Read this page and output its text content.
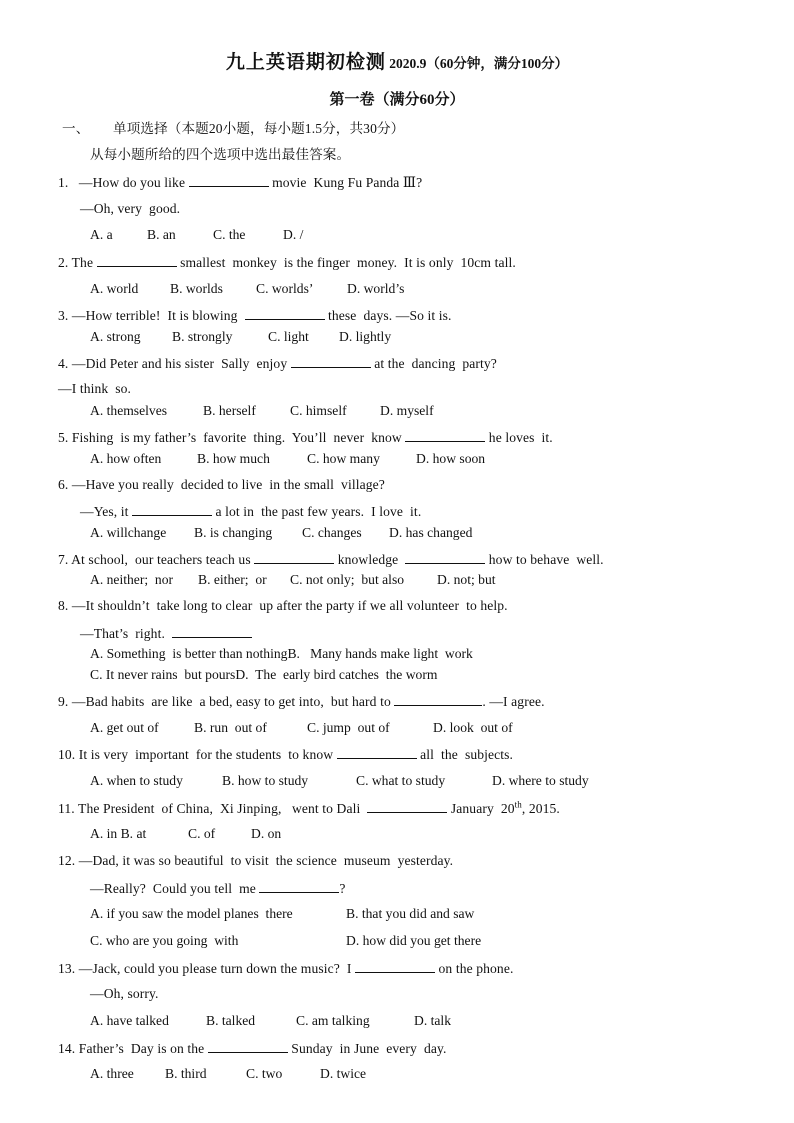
九上英语期初检测 2020.9（60分钟，满分100分）
第一卷（满分60分）
一、 单项选择（本题20小题，每小题1.5分，共30分）
从每小题所给的四个选项中选出最佳答案。
1.   —How do you like	movie  Kung Fu Panda Ⅲ?
—Oh, very  good.
A. a	B. an	C. the	D. /
2. The	smallest  monkey  is the finger  money.  It is only  10cm tall.
A. world B. worlds C. worlds’ D. world’s
3. —How terrible!  It is blowing	these  days. —So it is.
A. strong B. strongly	C. light D. lightly
4. —Did Peter and his sister  Sally  enjoy	at the  dancing  party?
—I think  so.
A. themselves	B. herself	C. himself D. myself
5. Fishing  is my father’s  favorite  thing.  You’ll  never  know	he loves  it.
A. how often	B. how much	C. how many	D. how soon
6. —Have you really  decided to live  in the small  village?
—Yes, it	a lot in  the past few years.  I love  it.
A. willchange B. is changing C. changes D. has changed
7. At school,  our teachers teach us	knowledge	how to behave  well.
A. neither;  nor B. either;  or C. not only;  but also D. not; but
8. —It shouldn’t  take long to clear  up after the party if we all volunteer  to help.
—That’s  right.
A. Something  is better than nothingB.   Many hands make light  work
C. It never rains  but poursD.  The  early bird catches  the worm
9. —Bad habits  are like  a bed, easy to get into,  but hard to	. —I agree.
A. get out of	B. run  out of	C. jump  out of	D. look  out of
10. It is very  important  for the students  to know	all  the  subjects.
A. when to study	B. how to study	C. what to study	D. where to study
11. The President  of China,  Xi Jinping,   went to Dali	January  20th, 2015.
A. in B. at	C. of	D. on
12. —Dad, it was so beautiful  to visit  the science  museum  yesterday.
—Really?  Could you tell  me	?
A. if you saw the model planes  there	B. that you did and saw
C. who are you going  with	D. how did you get there
13. —Jack, could you please turn down the music?  I	on the phone.
—Oh, sorry.
A. have talked	B. talked	C. am talking	D. talk
14. Father’s  Day is on the	Sunday  in June  every  day.
A. three B. third	C. two	D. twice
